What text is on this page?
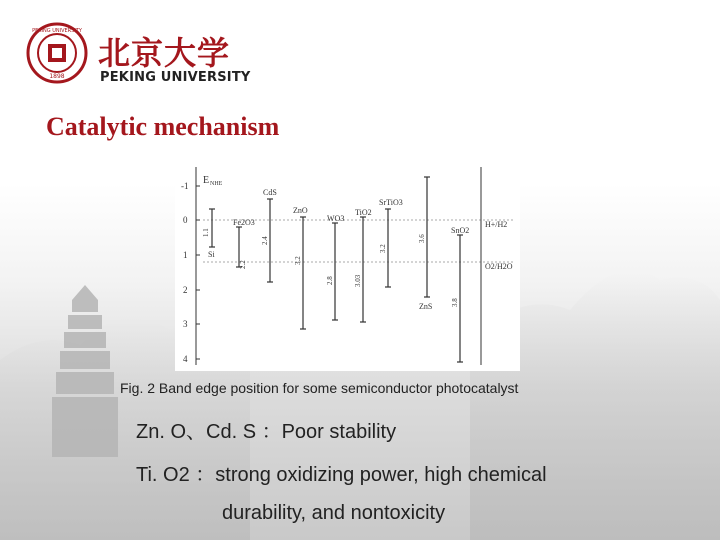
1898
PEKING UNIVERSITY
北京大学
PEKING UNIVERSITY
Catalytic mechanism
-1
0
1
2
3
4
E NHE
H+/H2
O2/H2O
Si
Fe2O3
CdS
ZnO
WO3
TiO2
SrTiO3
ZnS
SnO2
1.1
2.2
2.4
3.2
2.8	3.03
3.2
3.6
3.8
Fig. 2 Band edge position for some semiconductor photocatalyst
Zn. O、Cd. S ：Poor stability
Ti. O2 ：strong oxidizing power, high chemical
durability, and nontoxicity
